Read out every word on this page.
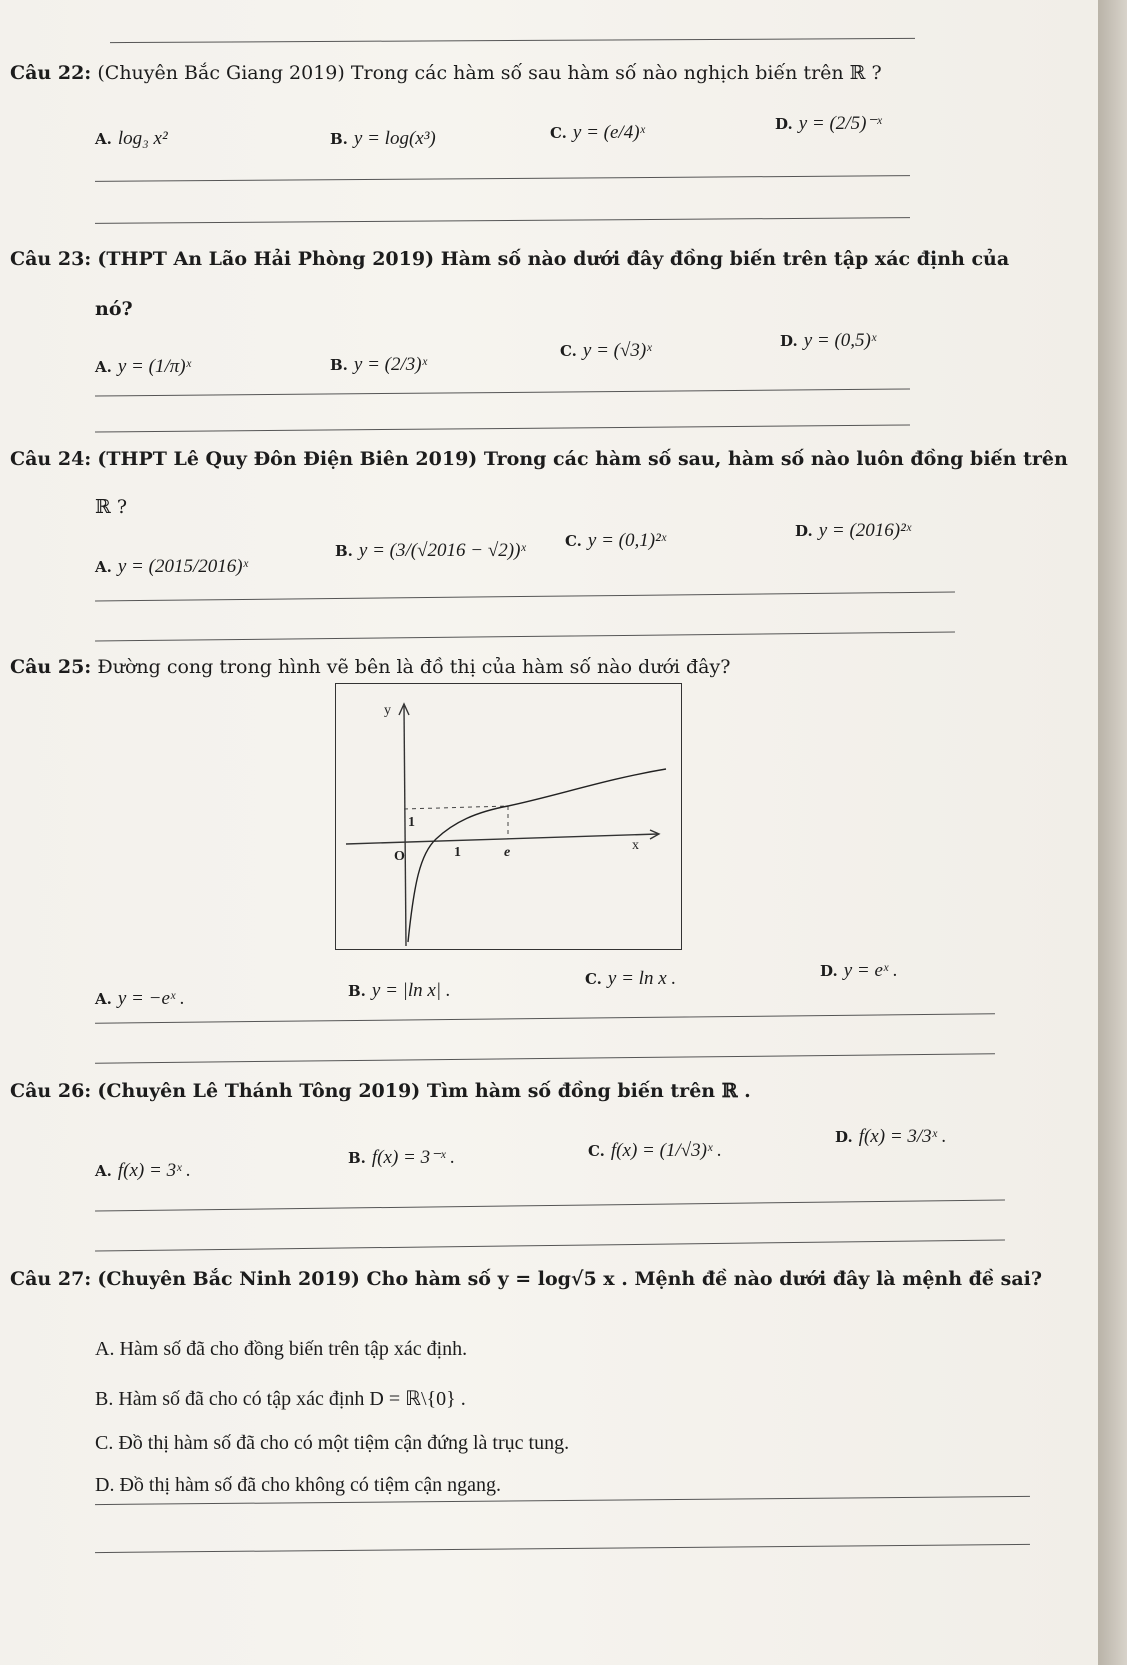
Câu 22: (Chuyên Bắc Giang 2019) Trong các hàm số sau hàm số nào nghịch biến trên ℝ ?
A. log₃ x²	B. y = log(x³)	C. y = (e/4)ˣ	D. y = (2/5)⁻ˣ
Câu 23: (THPT An Lão Hải Phòng 2019) Hàm số nào dưới đây đồng biến trên tập xác định của
nó?
A. y = (1/π)ˣ	B. y = (2/3)ˣ
C. y = (√3)ˣ	D. y = (0,5)ˣ
Câu 24: (THPT Lê Quy Đôn Điện Biên 2019) Trong các hàm số sau, hàm số nào luôn đồng biến trên
ℝ ?
A. y = (2015/2016)ˣ
B. y = (3/(√2016 − √2))ˣ	C. y = (0,1)²ˣ	D. y = (2016)²ˣ
Câu 25: Đường cong trong hình vẽ bên là đồ thị của hàm số nào dưới đây?
y
x
O	1	e
1
A. y = −eˣ .	B. y = |ln x| .
C. y = ln x .	D. y = eˣ .
Câu 26: (Chuyên Lê Thánh Tông 2019) Tìm hàm số đồng biến trên ℝ .
A. f(x) = 3ˣ .
B. f(x) = 3⁻ˣ .	C. f(x) = (1/√3)ˣ .
D. f(x) = 3/3ˣ .
Câu 27: (Chuyên Bắc Ninh 2019) Cho hàm số y = log√5 x . Mệnh đề nào dưới đây là mệnh đề sai?
A. Hàm số đã cho đồng biến trên tập xác định.
B. Hàm số đã cho có tập xác định D = ℝ\{0} .
C. Đồ thị hàm số đã cho có một tiệm cận đứng là trục tung.
D. Đồ thị hàm số đã cho không có tiệm cận ngang.
